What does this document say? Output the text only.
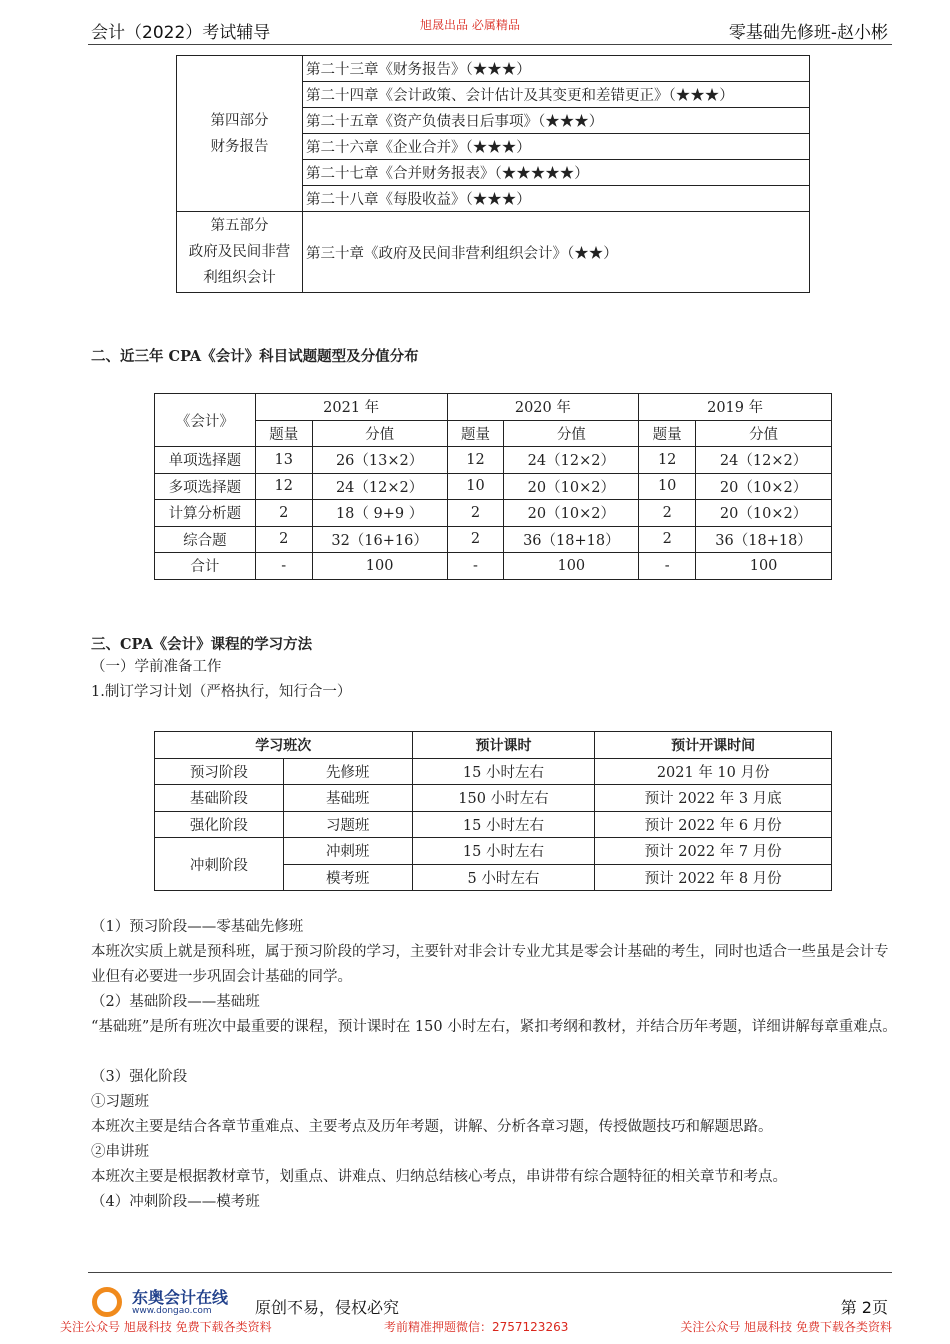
会计（2022）考试辅导	旭晟出品 必属精品	零基础先修班-赵小彬
第四部分
财务报告	第二十三章《财务报告》（★★★）
	第二十四章《会计政策、会计估计及其变更和差错更正》（★★★）
	第二十五章《资产负债表日后事项》（★★★）
	第二十六章《企业合并》（★★★）
	第二十七章《合并财务报表》（★★★★★）
	第二十八章《每股收益》（★★★）

第五部分
政府及民间非营
利组织会计	第三十章《政府及民间非营利组织会计》（★★）
二、近三年 CPA《会计》科目试题题型及分值分布
《会计》	2021 年		2020 年		2019 年	
	题量	分值	题量	分值	题量	分值
单项选择题	13	26（13×2）	12	24（12×2）	12	24（12×2）
多项选择题	12	24（12×2）	10	20（10×2）	10	20（10×2）
计算分析题	2	18（ 9+9 ）	2	20（10×2）	2	20（10×2）
综合题	2	32（16+16）	2	36（18+18）	2	36（18+18）
合计	-	100	-	100	-	100
三、CPA《会计》课程的学习方法
（一）学前准备工作
1.制订学习计划（严格执行，知行合一）
学习班次		预计课时	预计开课时间
预习阶段	先修班	15 小时左右	2021 年 10 月份
基础阶段	基础班	150 小时左右	预计 2022 年 3 月底
强化阶段	习题班	15 小时左右	预计 2022 年 6 月份
冲刺阶段	冲刺班	15 小时左右	预计 2022 年 7 月份
	模考班	5 小时左右	预计 2022 年 8 月份
（1）预习阶段——零基础先修班
本班次实质上就是预科班，属于预习阶段的学习，主要针对非会计专业尤其是零会计基础的考生，同时也适合一些虽是会计专业但有必要进一步巩固会计基础的同学。
（2）基础阶段——基础班
“基础班”是所有班次中最重要的课程，预计课时在 150 小时左右，紧扣考纲和教材，并结合历年考题，详细讲解每章重难点。
（3）强化阶段
①习题班
本班次主要是结合各章节重难点、主要考点及历年考题，讲解、分析各章习题，传授做题技巧和解题思路。
②串讲班
本班次主要是根据教材章节，划重点、讲难点、归纳总结核心考点，串讲带有综合题特征的相关章节和考点。
（4）冲刺阶段——模考班
东奥会计在线
www.dongao.com	原创不易，侵权必究	第 2页
关注公众号 旭晟科技 免费下载各类资料	考前精准押题微信：2757123263	关注公众号 旭晟科技 免费下载各类资料
